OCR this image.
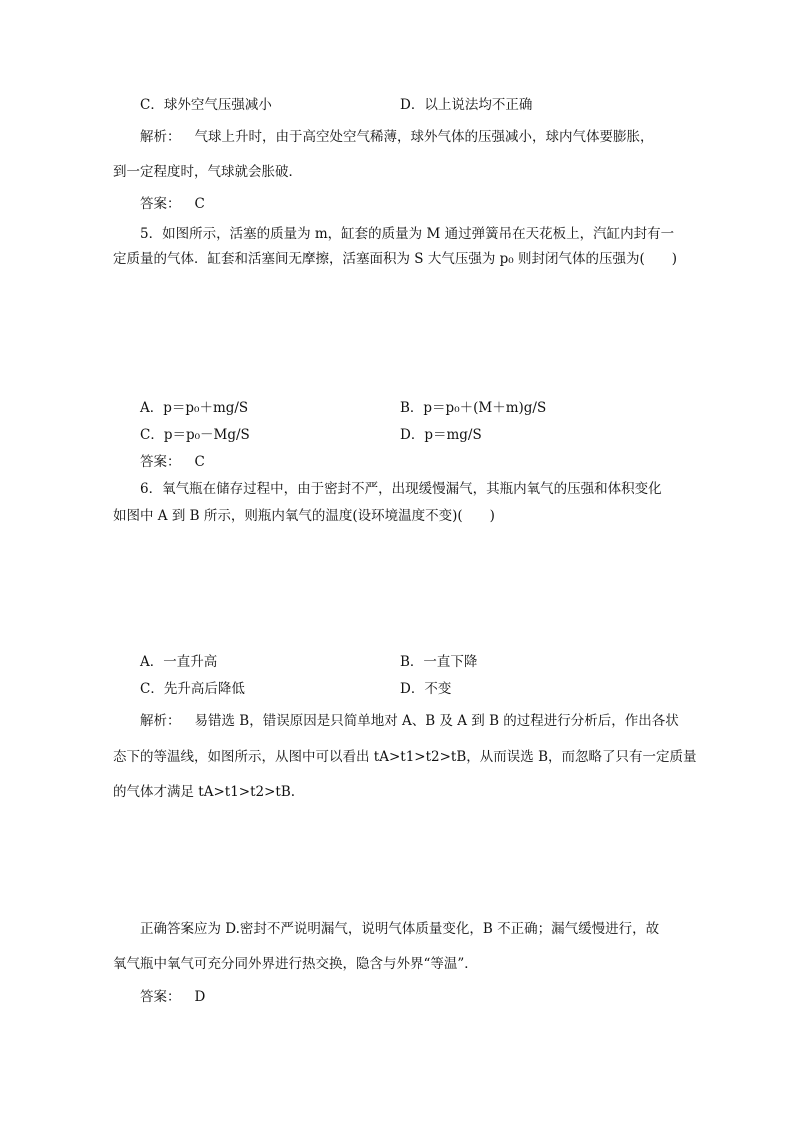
C．球外空气压强减小	D．以上说法均不正确
解析： 气球上升时，由于高空处空气稀薄，球外气体的压强减小，球内气体要膨胀，
到一定程度时，气球就会胀破．
答案： C
5．如图所示，活塞的质量为 m，缸套的质量为 M 通过弹簧吊在天花板上，汽缸内封有一
定质量的气体．缸套和活塞间无摩擦，活塞面积为 S 大气压强为 p₀ 则封闭气体的压强为(　　)
A．p＝p₀＋mg/S	B．p＝p₀＋(M＋m)g/S
C．p＝p₀－Mg/S	D．p＝mg/S
答案： C
6．氧气瓶在储存过程中，由于密封不严，出现缓慢漏气，其瓶内氧气的压强和体积变化
如图中 A 到 B 所示，则瓶内氧气的温度(设环境温度不变)(　　)
A．一直升高	B．一直下降
C．先升高后降低	D．不变
解析： 易错选 B，错误原因是只简单地对 A、B 及 A 到 B 的过程进行分析后，作出各状
态下的等温线，如图所示，从图中可以看出 tA>t1>t2>tB，从而误选 B，而忽略了只有一定质量
的气体才满足 tA>t1>t2>tB.
正确答案应为 D.密封不严说明漏气，说明气体质量变化，B 不正确；漏气缓慢进行，故
氧气瓶中氧气可充分同外界进行热交换，隐含与外界“等温”．
答案： D
